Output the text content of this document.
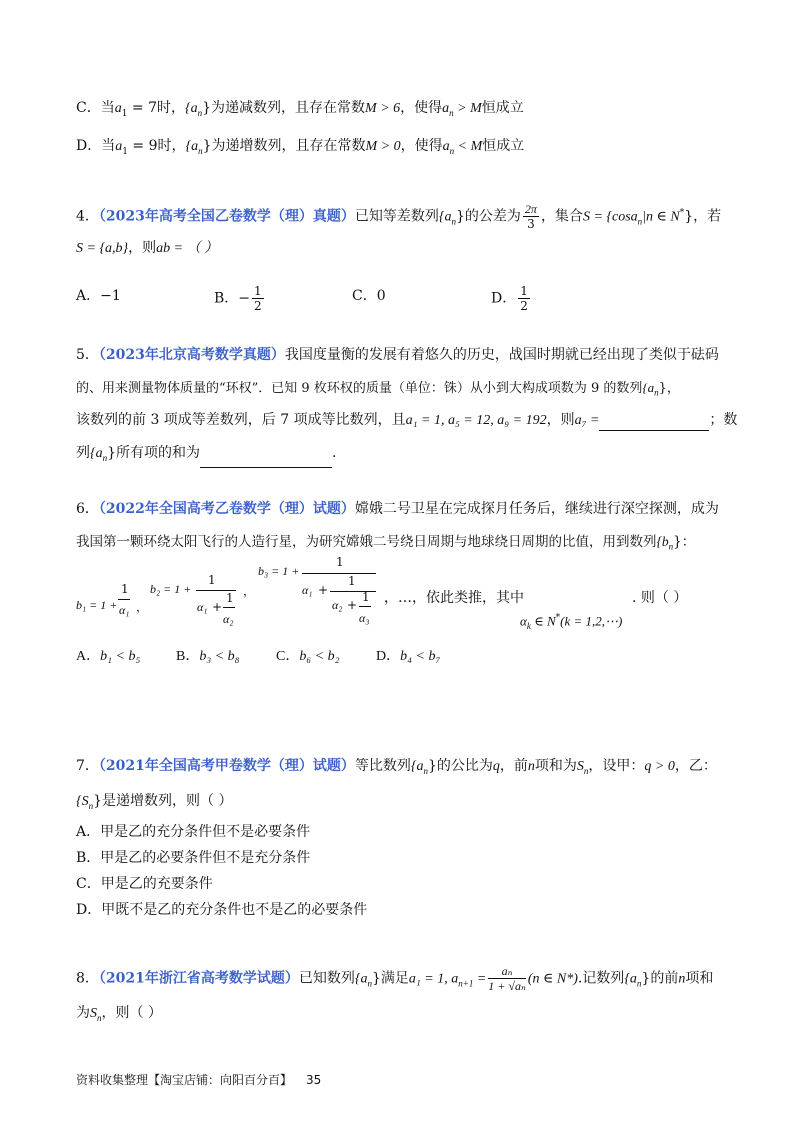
C．当$a_1 = 7$时，$\{a_n\}$为递减数列，且存在常数M > 6，使得$a_n > M$恒成立
D．当$a_1 = 9$时，$\{a_n\}$为递增数列，且存在常数M > 0，使得$a_n < M$恒成立
4．（2023年高考全国乙卷数学（理）真题）已知等差数列$\{a_n\}$的公差为 $\frac{2\pi}{3}$ ，集合S = {cosa$_n$|n ∈ N*}，若
S = {a,b}，则ab = （ ）
A．−1	B．− $\frac{1}{2}$	C．0	D． $\frac{1}{2}$
5．（2023年北京高考数学真题）我国度量衡的发展有着悠久的历史，战国时期就已经出现了类似于砝码
的、用来测量物体质量的“环权”．已知 9 枚环权的质量（单位：铢）从小到大构成项数为 9 的数列$\{a_n\}$，
该数列的前 3 项成等差数列，后 7 项成等比数列，且a₁ = 1, a₅ = 12, a₉ = 192，则a₇ =	；数
列$\{a_n\}$所有项的和为	.
6．（2022年全国高考乙卷数学（理）试题）嫦娥二号卫星在完成探月任务后，继续进行深空探测，成为
我国第一颗环绕太阳飞行的人造行星，为研究嫦娥二号绕日周期与地球绕日周期的比值，用到数列$\{b_n\}$：
b₁ = 1 +
1
α₁ ，
b₂ = 1 +
1
α₁ +
1
α₂
，
b₃ = 1 +
1
α₁ +
1
α₂ +
1
α₃
，…，依此类推，其中
$\alpha_k$ ∈ N*(k = 1,2,⋯)
. 则（ ）
A．b₁ < b₅	B．b₃ < b₈	C．b₆ < b₂	D．b₄ < b₇
7．（2021年全国高考甲卷数学（理）试题）等比数列$\{a_n\}$的公比为q，前n项和为$S_n$，设甲：q > 0，乙：
$\{S_n\}$是递增数列，则（ ）
A．甲是乙的充分条件但不是必要条件
B．甲是乙的必要条件但不是充分条件
C．甲是乙的充要条件
D．甲既不是乙的充分条件也不是乙的必要条件
8．（2021年浙江省高考数学试题）已知数列$\{a_n\}$满足a₁ = 1, $a_{n+1} = \frac{\text{aₙ}}{\text{1 + √aₙ}} (n$ ∈ N*).记数列$\{a_n\}$的前n项和
为$S_n$，则（ ）
资料收集整理【淘宝店铺：向阳百分百】 35
